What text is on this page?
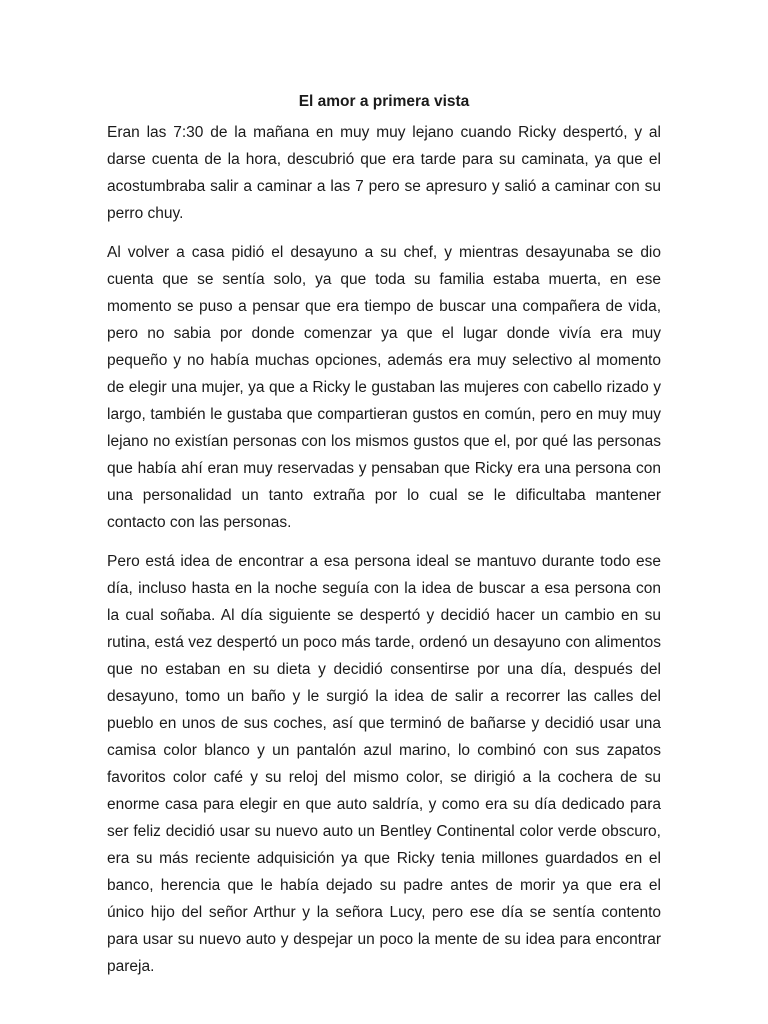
El amor a primera vista

Eran las 7:30 de la mañana en muy muy lejano cuando Ricky despertó, y al darse cuenta de la hora, descubrió que era tarde para su caminata, ya que el acostumbraba salir a caminar a las 7 pero se apresuro y salió a caminar con su perro chuy.

Al volver a casa pidió el desayuno a su chef, y mientras desayunaba se dio cuenta que se sentía solo, ya que toda su familia estaba muerta, en ese momento se puso a pensar que era tiempo de buscar una compañera de vida, pero no sabia por donde comenzar ya que el lugar donde vivía era muy pequeño y no había muchas opciones, además era muy selectivo al momento de elegir una mujer, ya que a Ricky le gustaban las mujeres con cabello rizado y largo, también le gustaba que compartieran gustos en común, pero en muy muy lejano no existían personas con los mismos gustos que el, por qué las personas que había ahí eran muy reservadas y pensaban que Ricky era una persona con una personalidad un tanto extraña por lo cual se le dificultaba mantener contacto con las personas.

Pero está idea de encontrar a esa persona ideal se mantuvo durante todo ese día, incluso hasta en la noche seguía con la idea de buscar a esa persona con la cual soñaba. Al día siguiente se despertó y decidió hacer un cambio en su rutina, está vez despertó un poco más tarde, ordenó un desayuno con alimentos que no estaban en su dieta y decidió consentirse por una día, después del desayuno, tomo un baño y le surgió la idea de salir a recorrer las calles del pueblo en unos de sus coches, así que terminó de bañarse y decidió usar una camisa color blanco y un pantalón azul marino, lo combinó con sus zapatos favoritos color café y su reloj del mismo color, se dirigió a la cochera de su enorme casa para elegir en que auto saldría, y como era su día dedicado para ser feliz decidió usar su nuevo auto un Bentley Continental color verde obscuro, era su más reciente adquisición ya que Ricky tenia millones guardados en el banco, herencia que le había dejado su padre antes de morir ya que era el único hijo del señor Arthur y la señora Lucy, pero ese día se sentía contento para usar su nuevo auto y despejar un poco la mente de su idea para encontrar pareja.
